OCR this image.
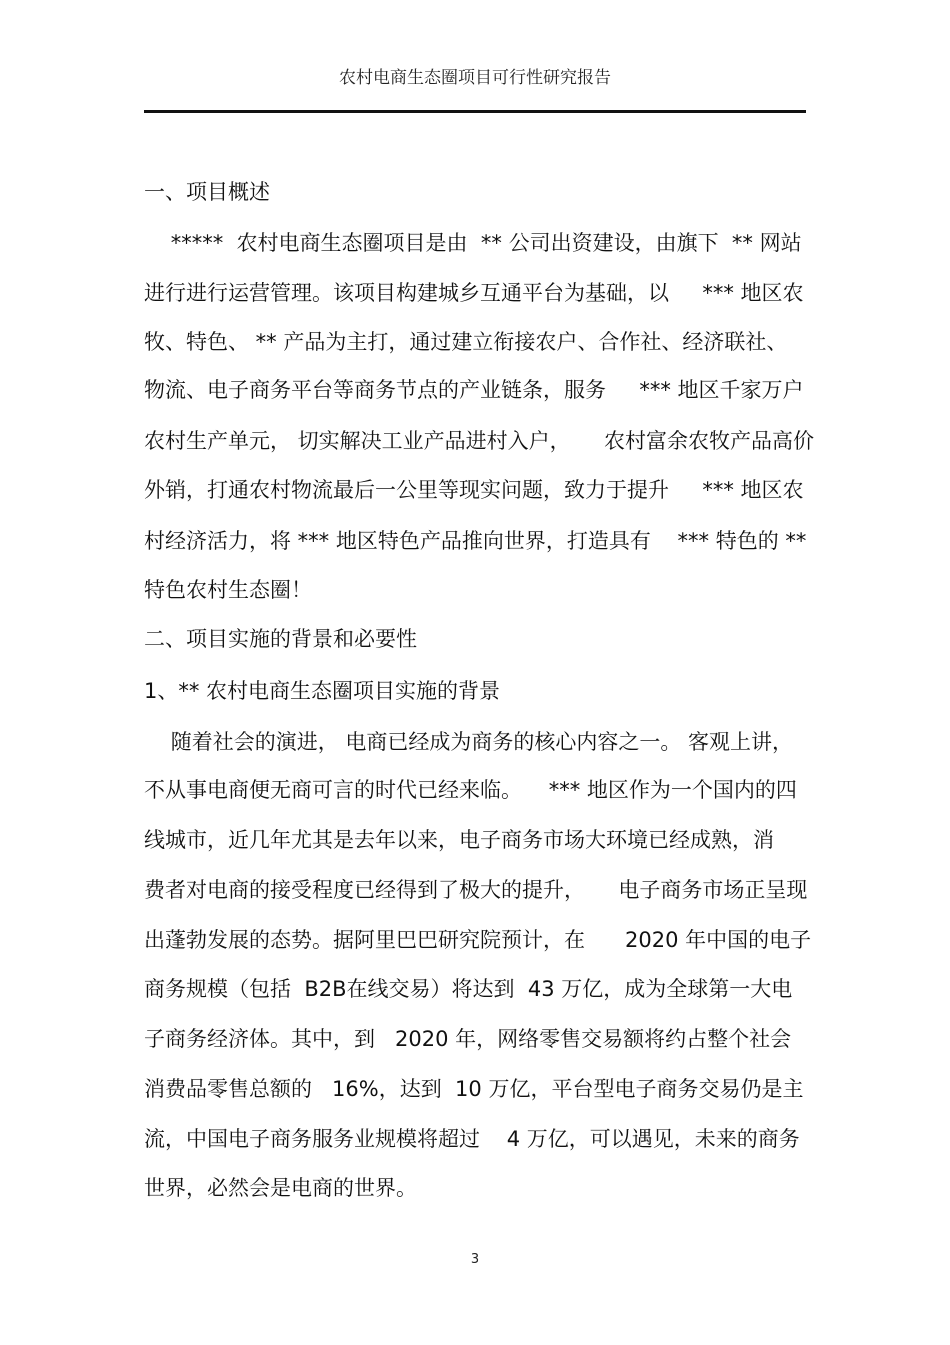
农村电商生态圈项目可行性研究报告
一、项目概述
*****  农村电商生态圈项目是由  ** 公司出资建设，由旗下  ** 网站
进行进行运营管理。该项目构建城乡互通平台为基础，以     *** 地区农
牧、特色、 ** 产品为主打，通过建立衔接农户、合作社、经济联社、
物流、电子商务平台等商务节点的产业链条，服务     *** 地区千家万户
农村生产单元， 切实解决工业产品进村入户，     农村富余农牧产品高价
外销，打通农村物流最后一公里等现实问题，致力于提升     *** 地区农
村经济活力，将 *** 地区特色产品推向世界，打造具有    *** 特色的 **
特色农村生态圈！
二、项目实施的背景和必要性
1、** 农村电商生态圈项目实施的背景
随着社会的演进， 电商已经成为商务的核心内容之一。 客观上讲，
不从事电商便无商可言的时代已经来临。    *** 地区作为一个国内的四
线城市，近几年尤其是去年以来，电子商务市场大环境已经成熟，消
费者对电商的接受程度已经得到了极大的提升，     电子商务市场正呈现
出蓬勃发展的态势。据阿里巴巴研究院预计，在      2020 年中国的电子
商务规模（包括  B2B在线交易）将达到  43 万亿，成为全球第一大电
子商务经济体。其中，到   2020 年，网络零售交易额将约占整个社会
消费品零售总额的   16%，达到  10 万亿，平台型电子商务交易仍是主
流，中国电子商务服务业规模将超过    4 万亿，可以遇见，未来的商务
世界，必然会是电商的世界。
3
